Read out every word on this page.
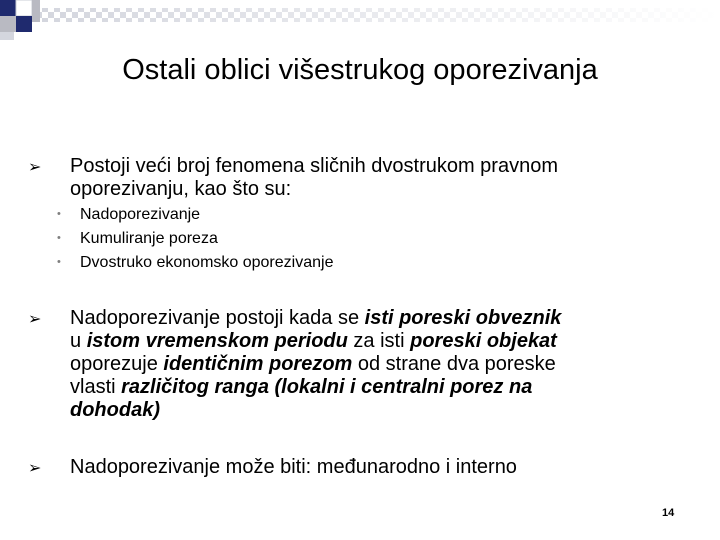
Ostali oblici višestrukog oporezivanja
➢ Postoji veći broj fenomena sličnih dvostrukom pravnom
oporezivanju, kao što su:
• Nadoporezivanje
• Kumuliranje poreza
• Dvostruko ekonomsko oporezivanje
➢ Nadoporezivanje postoji kada se isti poreski obveznik
u istom vremenskom periodu za isti poreski objekat
oporezuje identičnim porezom od strane dva poreske
vlasti različitog ranga (lokalni i centralni porez na
dohodak)
➢ Nadoporezivanje može biti: međunarodno i interno
14
